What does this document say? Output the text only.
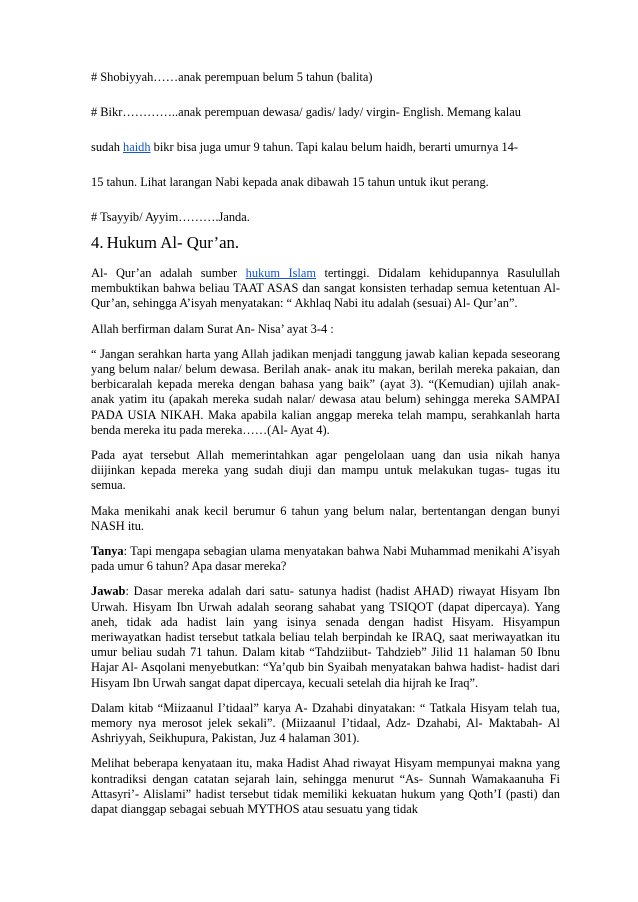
# Shobiyyah……anak perempuan belum 5 tahun (balita)

# Bikr…………..anak perempuan dewasa/ gadis/ lady/ virgin- English. Memang kalau

sudah haidh bikr bisa juga umur 9 tahun. Tapi kalau belum haidh, berarti umurnya 14-

15 tahun. Lihat larangan Nabi kepada anak dibawah 15 tahun untuk ikut perang.

# Tsayyib/ Ayyim……….Janda.

4. Hukum Al- Qur’an.

Al- Qur’an adalah sumber hukum Islam tertinggi. Didalam kehidupannya Rasulullah membuktikan bahwa beliau TAAT ASAS dan sangat konsisten terhadap semua ketentuan Al- Qur’an, sehingga A’isyah menyatakan: “ Akhlaq Nabi itu adalah (sesuai) Al- Qur’an”.

Allah berfirman dalam Surat An- Nisa’ ayat 3-4 :

“ Jangan serahkan harta yang Allah jadikan menjadi tanggung jawab kalian kepada seseorang yang belum nalar/ belum dewasa. Berilah anak- anak itu makan, berilah mereka pakaian, dan berbicaralah kepada mereka dengan bahasa yang baik” (ayat 3). “(Kemudian) ujilah anak- anak yatim itu (apakah mereka sudah nalar/ dewasa atau belum) sehingga mereka SAMPAI PADA USIA NIKAH. Maka apabila kalian anggap mereka telah mampu, serahkanlah harta benda mereka itu pada mereka……(Al- Ayat 4).

Pada ayat tersebut Allah memerintahkan agar pengelolaan uang dan usia nikah hanya diijinkan kepada mereka yang sudah diuji dan mampu untuk melakukan tugas- tugas itu semua.

Maka menikahi anak kecil berumur 6 tahun yang belum nalar, bertentangan dengan bunyi NASH itu.

Tanya: Tapi mengapa sebagian ulama menyatakan bahwa Nabi Muhammad menikahi A’isyah pada umur 6 tahun? Apa dasar mereka?

Jawab: Dasar mereka adalah dari satu- satunya hadist (hadist AHAD) riwayat Hisyam Ibn Urwah. Hisyam Ibn Urwah adalah seorang sahabat yang TSIQOT (dapat dipercaya). Yang aneh, tidak ada hadist lain yang isinya senada dengan hadist Hisyam. Hisyampun meriwayatkan hadist tersebut tatkala beliau telah berpindah ke IRAQ, saat meriwayatkan itu umur beliau sudah 71 tahun. Dalam kitab “Tahdziibut- Tahdzieb” Jilid 11 halaman 50 Ibnu Hajar Al- Asqolani menyebutkan: “Ya’qub bin Syaibah menyatakan bahwa hadist- hadist dari Hisyam Ibn Urwah sangat dapat dipercaya, kecuali setelah dia hijrah ke Iraq”.

Dalam kitab “Miizaanul I’tidaal” karya A- Dzahabi dinyatakan: “ Tatkala Hisyam telah tua, memory nya merosot jelek sekali”. (Miizaanul I’tidaal, Adz- Dzahabi, Al- Maktabah- Al Ashriyyah, Seikhupura, Pakistan, Juz 4 halaman 301).

Melihat beberapa kenyataan itu, maka Hadist Ahad riwayat Hisyam mempunyai makna yang kontradiksi dengan catatan sejarah lain, sehingga menurut “As- Sunnah Wamakaanuha Fi Attasyri’- Alislami” hadist tersebut tidak memiliki kekuatan hukum yang Qoth’I (pasti) dan dapat dianggap sebagai sebuah MYTHOS atau sesuatu yang tidak
